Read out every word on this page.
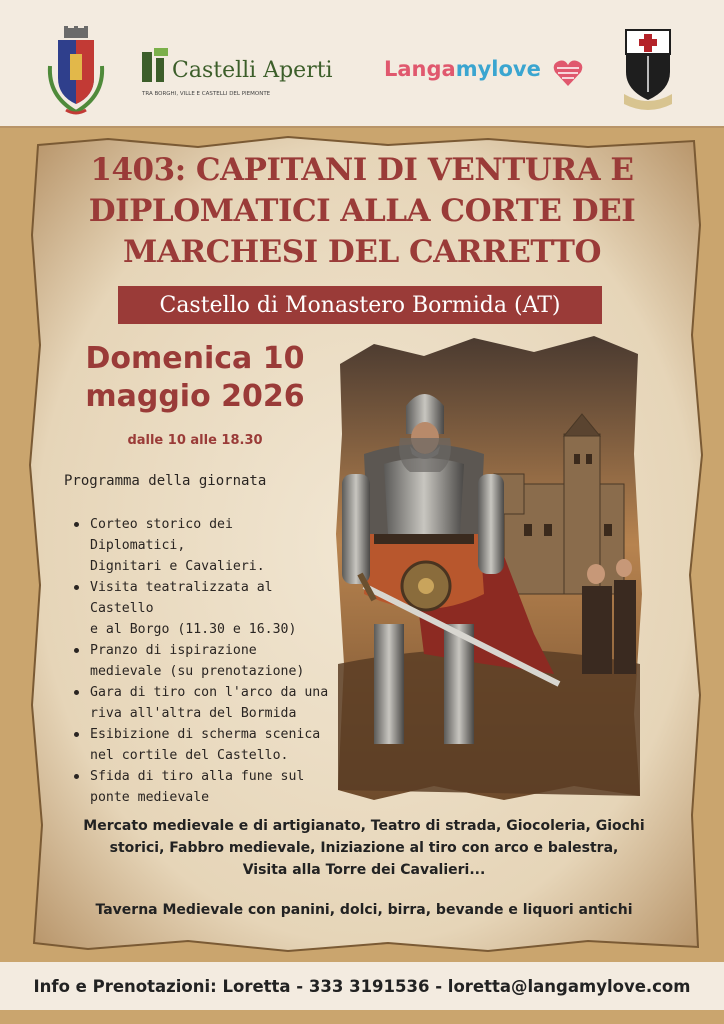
Castelli Aperti
TRA BORGHI, VILLE E CASTELLI DEL PIEMONTE
Langamylove
1403: CAPITANI DI VENTURA E
DIPLOMATICI ALLA CORTE DEI
MARCHESI DEL CARRETTO
Castello di Monastero Bormida (AT)
Domenica 10
maggio 2026
dalle 10 alle 18.30
Programma della giornata
Corteo storico dei Diplomatici,
Dignitari e Cavalieri.
Visita teatralizzata al Castello
e al Borgo (11.30 e 16.30)
Pranzo di ispirazione
medievale (su prenotazione)
Gara di tiro con l'arco da una
riva all'altra del Bormida
Esibizione di scherma scenica
nel cortile del Castello.
Sfida di tiro alla fune sul
ponte medievale
Mercato medievale e di artigianato, Teatro di strada, Giocoleria, Giochi
storici, Fabbro medievale, Iniziazione al tiro con arco e balestra,
Visita alla Torre dei Cavalieri...
Taverna Medievale con panini, dolci, birra, bevande e liquori antichi
Info e Prenotazioni: Loretta - 333 3191536 - loretta@langamylove.com
